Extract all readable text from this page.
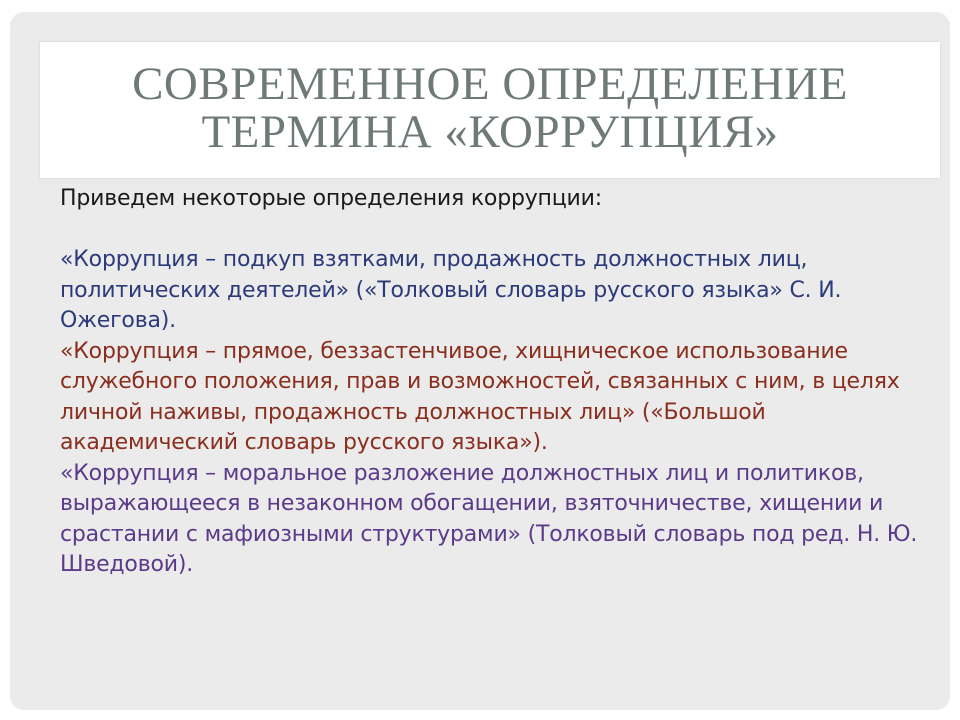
СОВРЕМЕННОЕ ОПРЕДЕЛЕНИЕ
ТЕРМИНА «КОРРУПЦИЯ»

Приведем некоторые определения коррупции:

«Коррупция – подкуп взятками, продажность должностных лиц, политических деятелей» («Толковый словарь русского языка» С. И. Ожегова).

«Коррупция – прямое, беззастенчивое, хищническое использование служебного положения, прав и возможностей, связанных с ним, в целях личной наживы, продажность должностных лиц» («Большой академический словарь русского языка»).

«Коррупция – моральное разложение должностных лиц и политиков, выражающееся в незаконном обогащении, взяточничестве, хищении и срастании с мафиозными структурами» (Толковый словарь под ред. Н. Ю. Шведовой).
